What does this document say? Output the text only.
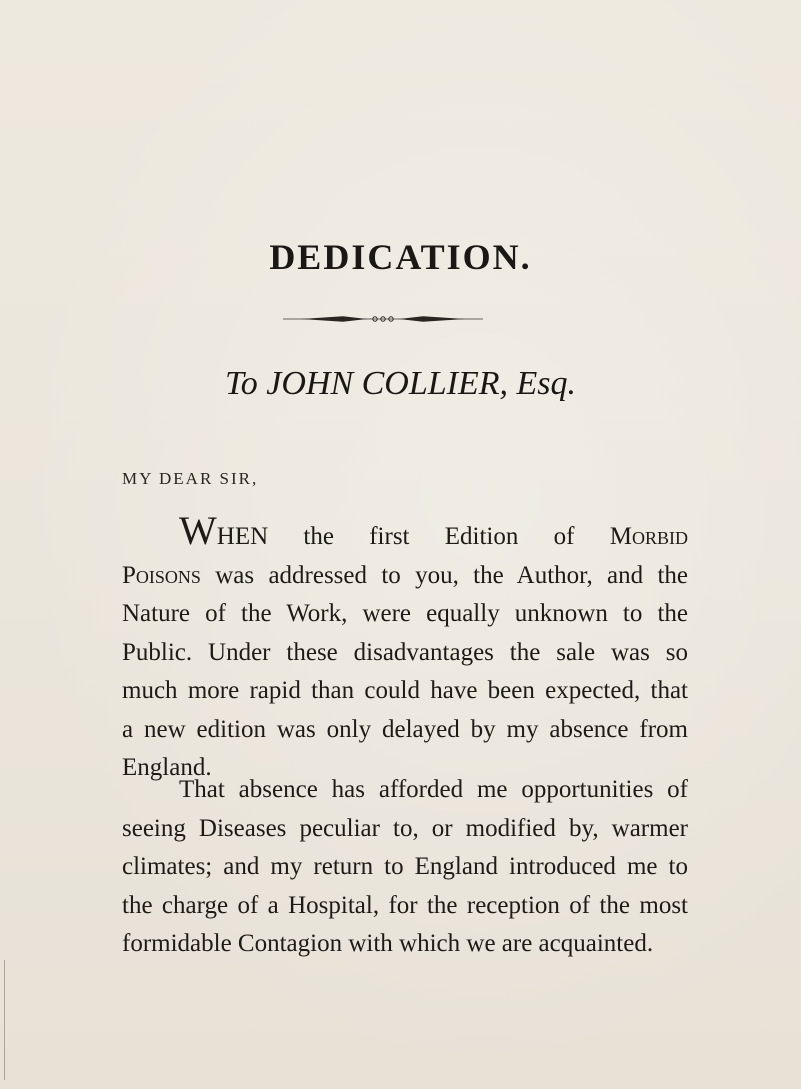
DEDICATION.
To JOHN COLLIER, Esq.
MY DEAR SIR,
WHEN the first Edition of Morbid
Poisons was addressed to you, the Author, and the
Nature of the Work, were equally unknown to the
Public. Under these disadvantages the sale was so
much more rapid than could have been expected, that
a new edition was only delayed by my absence from
England.
That absence has afforded me opportunities of
seeing Diseases peculiar to, or modified by, warmer
climates; and my return to England introduced me to
the charge of a Hospital, for the reception of the most
formidable Contagion with which we are acquainted.
